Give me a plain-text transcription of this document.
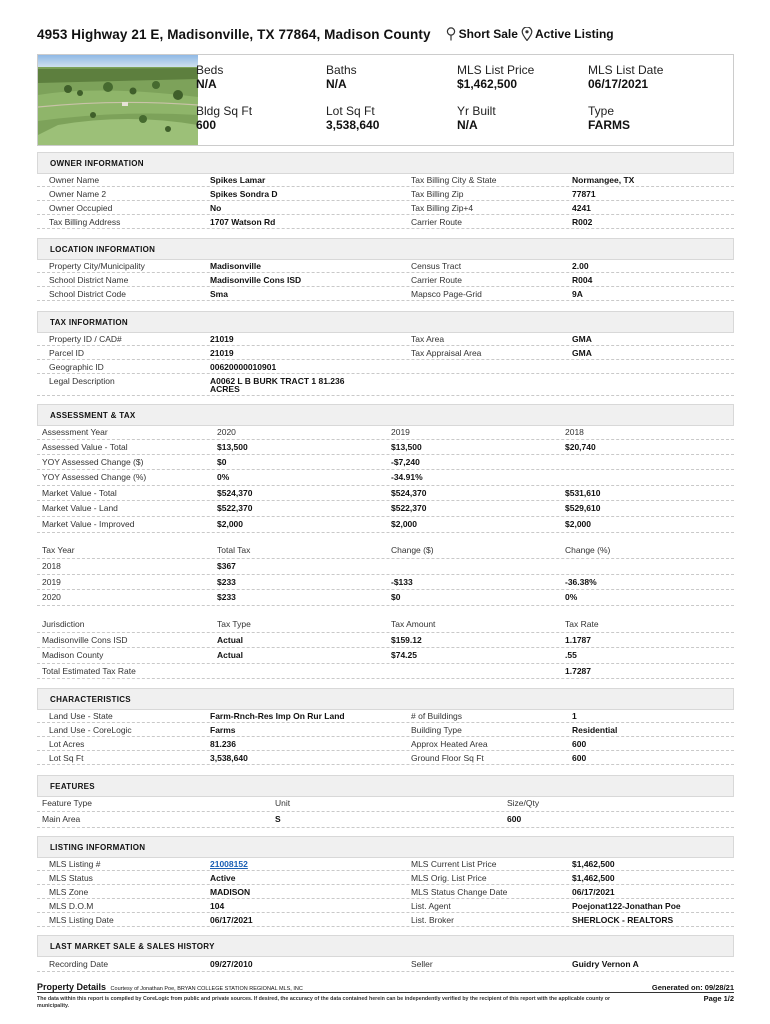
4953 Highway 21 E, Madisonville, TX 77864, Madison County Short Sale Active Listing
Beds
N/A
Baths
N/A
MLS List Price
$1,462,500
MLS List Date
06/17/2021
Bldg Sq Ft
600
Lot Sq Ft
3,538,640
Yr Built
N/A
Type
FARMS
OWNER INFORMATION
Owner Name	Spikes Lamar	Tax Billing City & State	Normangee, TX
Owner Name 2	Spikes Sondra D	Tax Billing Zip	77871
Owner Occupied	No	Tax Billing Zip+4	4241
Tax Billing Address	1707 Watson Rd	Carrier Route	R002
LOCATION INFORMATION
Property City/Municipality	Madisonville	Census Tract	2.00
School District Name	Madisonville Cons ISD	Carrier Route	R004
School District Code	Sma	Mapsco Page-Grid	9A
TAX INFORMATION
Property ID / CAD#	21019	Tax Area	GMA
Parcel ID	21019	Tax Appraisal Area	GMA
Geographic ID	00620000010901
Legal Description	A0062 L B BURK TRACT 1 81.236
ACRES
ASSESSMENT & TAX
Assessment Year	2020	2019	2018
Assessed Value - Total	$13,500	$13,500	$20,740
YOY Assessed Change ($)	$0	-$7,240
YOY Assessed Change (%)	0%	-34.91%
Market Value - Total	$524,370	$524,370	$531,610
Market Value - Land	$522,370	$522,370	$529,610
Market Value - Improved	$2,000	$2,000	$2,000
Tax Year	Total Tax	Change ($)	Change (%)
2018	$367
2019	$233	-$133	-36.38%
2020	$233	$0	0%
Jurisdiction	Tax Type	Tax Amount	Tax Rate
Madisonville Cons ISD	Actual	$159.12	1.1787
Madison County	Actual	$74.25	.55
Total Estimated Tax Rate	1.7287
CHARACTERISTICS
Land Use - State	Farm-Rnch-Res Imp On Rur Land	# of Buildings	1
Land Use - CoreLogic	Farms	Building Type	Residential
Lot Acres	81.236	Approx Heated Area	600
Lot Sq Ft	3,538,640	Ground Floor Sq Ft	600
FEATURES
Feature Type	Unit	Size/Qty
Main Area	S	600
LISTING INFORMATION
MLS Listing #	21008152	MLS Current List Price	$1,462,500
MLS Status	Active	MLS Orig. List Price	$1,462,500
MLS Zone	MADISON	MLS Status Change Date	06/17/2021
MLS D.O.M	104	List. Agent	Poejonat122-Jonathan Poe
MLS Listing Date	06/17/2021	List. Broker	SHERLOCK - REALTORS
LAST MARKET SALE & SALES HISTORY
Recording Date	09/27/2010	Seller	Guidry Vernon A
Property Details Courtesy of Jonathan Poe, BRYAN COLLEGE STATION REGIONAL MLS, INC	Generated on: 09/28/21
Page 1/2
The data within this report is compiled by CoreLogic from public and private sources. If desired, the accuracy of the data contained herein can be independently verified by the recipient of this report with the applicable county or municipality.
